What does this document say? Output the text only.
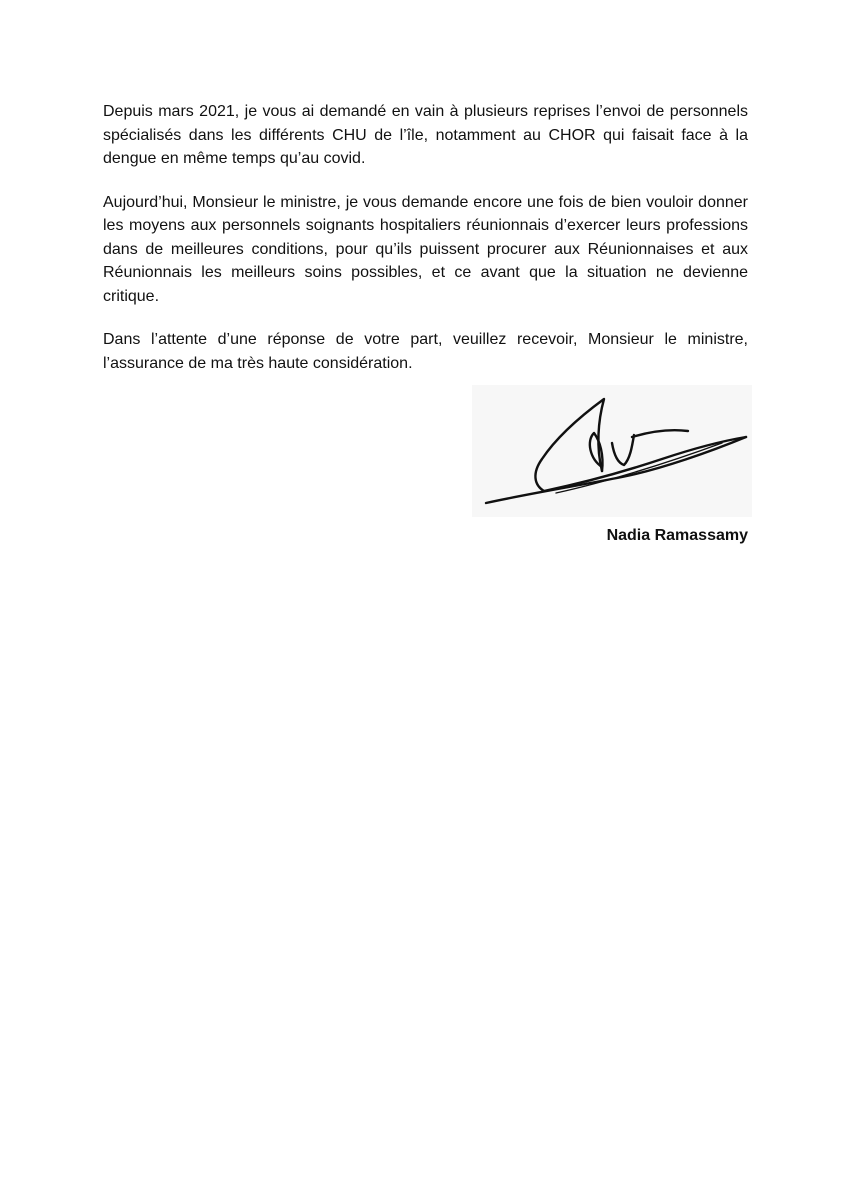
Depuis mars 2021, je vous ai demandé en vain à plusieurs reprises l’envoi de personnels spécialisés dans les différents CHU de l’île, notamment au CHOR qui faisait face à la dengue en même temps qu’au covid.

Aujourd’hui, Monsieur le ministre, je vous demande encore une fois de bien vouloir donner les moyens aux personnels soignants hospitaliers réunionnais d’exercer leurs professions dans de meilleures conditions, pour qu’ils puissent procurer aux Réunionnaises et aux Réunionnais les meilleurs soins possibles, et ce avant que la situation ne devienne critique.

Dans l’attente d’une réponse de votre part, veuillez recevoir, Monsieur le ministre, l’assurance de ma très haute considération.

Nadia Ramassamy
